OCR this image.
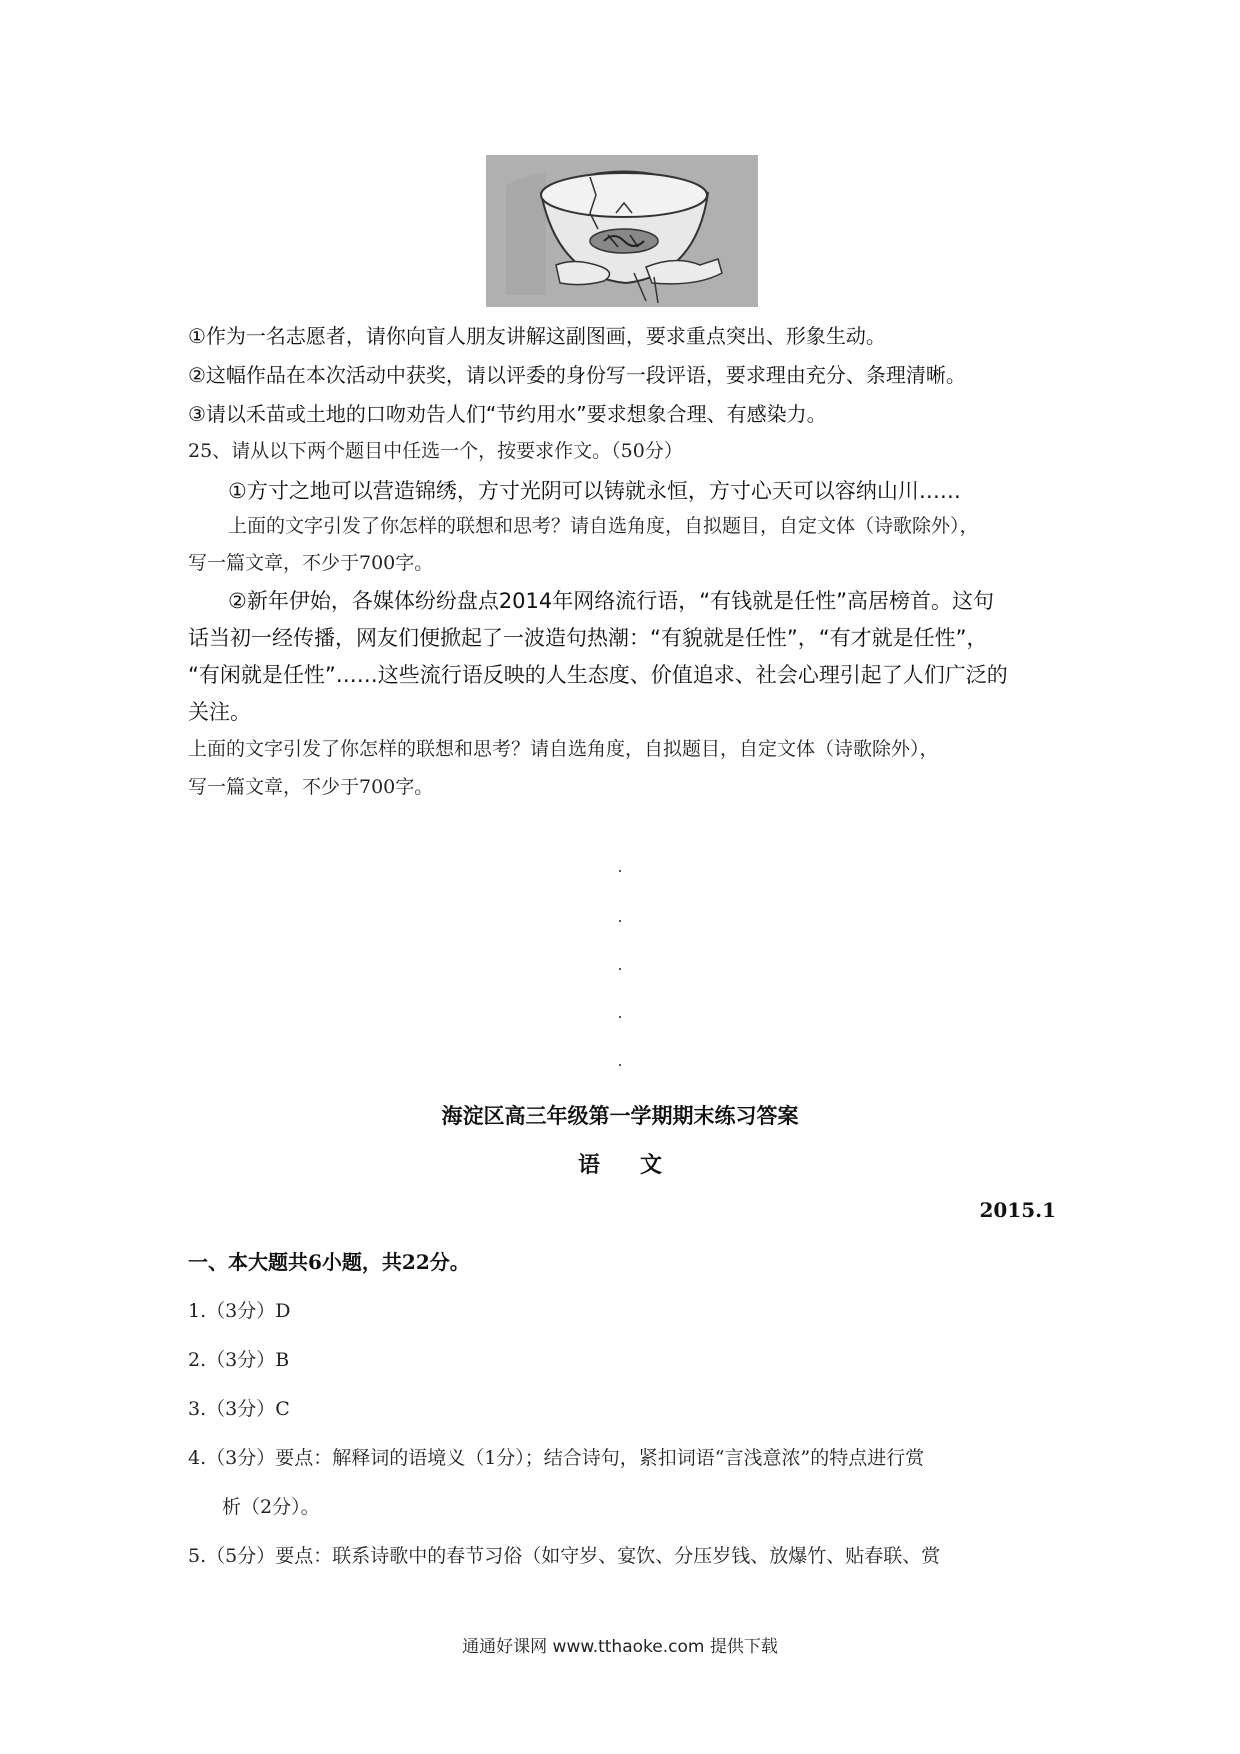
①作为一名志愿者，请你向盲人朋友讲解这副图画，要求重点突出、形象生动。
②这幅作品在本次活动中获奖，请以评委的身份写一段评语，要求理由充分、条理清晰。
③请以禾苗或土地的口吻劝告人们“节约用水”要求想象合理、有感染力。
25、请从以下两个题目中任选一个，按要求作文。（50分）
①方寸之地可以营造锦绣，方寸光阴可以铸就永恒，方寸心天可以容纳山川……
上面的文字引发了你怎样的联想和思考？请自选角度，自拟题目，自定文体（诗歌除外），
写一篇文章，不少于700字。
②新年伊始，各媒体纷纷盘点2014年网络流行语，“有钱就是任性”高居榜首。这句
话当初一经传播，网友们便掀起了一波造句热潮：“有貌就是任性”，“有才就是任性”，
“有闲就是任性”……这些流行语反映的人生态度、价值追求、社会心理引起了人们广泛的
关注。
上面的文字引发了你怎样的联想和思考？请自选角度，自拟题目，自定文体（诗歌除外），
写一篇文章，不少于700字。
海淀区高三年级第一学期期末练习答案
语 文
2015.1
一、本大题共6小题，共22分。
1.（3分）D
2.（3分）B
3.（3分）C
4.（3分）要点：解释词的语境义（1分）；结合诗句，紧扣词语“言浅意浓”的特点进行赏
析（2分）。
5.（5分）要点：联系诗歌中的春节习俗（如守岁、宴饮、分压岁钱、放爆竹、贴春联、赏
通通好课网 www.tthaoke.com 提供下载
